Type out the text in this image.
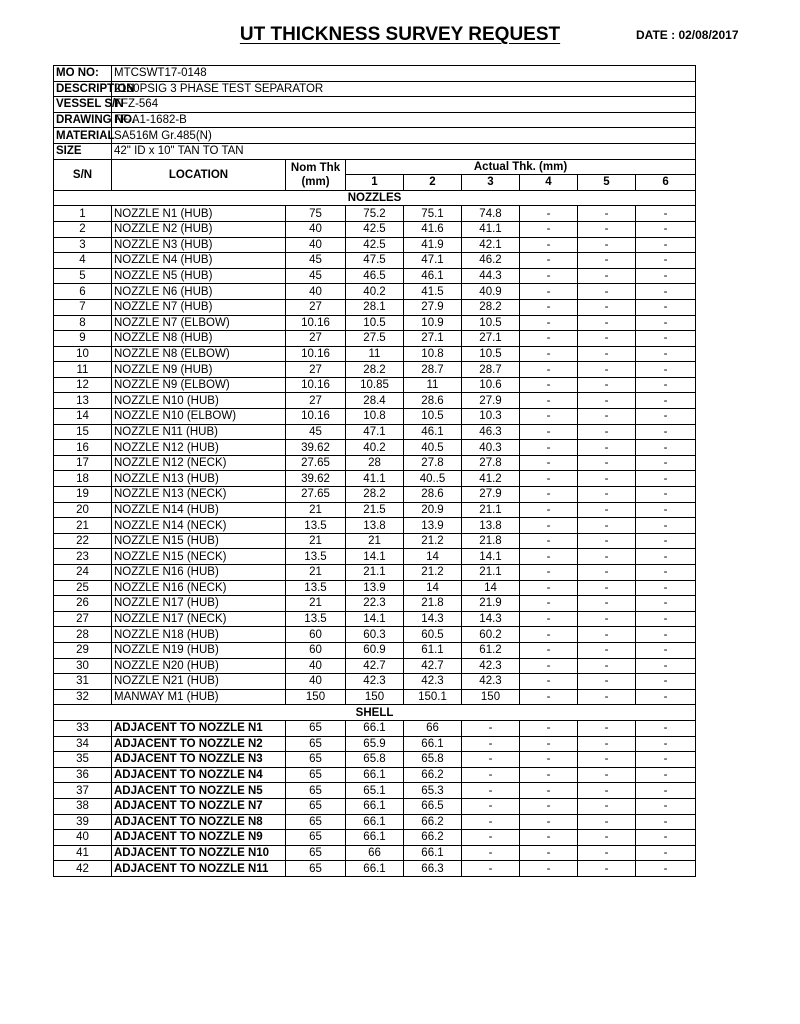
UT THICKNESS SURVEY REQUEST	DATE : 02/08/2017
MO NO:	MTCSWT17-0148							
DESCRIPTION	2160PSIG 3 PHASE TEST SEPARATOR							
VESSEL S/N	FFZ-564							
DRAWING NO.	FF-A1-1682-B							
MATERIAL	SA516M Gr.485(N)							
SIZE	42" ID x 10" TAN TO TAN							
S/N	LOCATION	Nom Thk
(mm)	Actual Thk. (mm)					
			1	2	3	4	5	6
NOZZLES								
1	NOZZLE N1 (HUB)	75	75.2	75.1	74.8	-	-	-
2	NOZZLE N2 (HUB)	40	42.5	41.6	41.1	-	-	-
3	NOZZLE N3 (HUB)	40	42.5	41.9	42.1	-	-	-
4	NOZZLE N4 (HUB)	45	47.5	47.1	46.2	-	-	-
5	NOZZLE N5 (HUB)	45	46.5	46.1	44.3	-	-	-
6	NOZZLE N6 (HUB)	40	40.2	41.5	40.9	-	-	-
7	NOZZLE N7 (HUB)	27	28.1	27.9	28.2	-	-	-
8	NOZZLE N7 (ELBOW)	10.16	10.5	10.9	10.5	-	-	-
9	NOZZLE N8 (HUB)	27	27.5	27.1	27.1	-	-	-
10	NOZZLE N8 (ELBOW)	10.16	11	10.8	10.5	-	-	-
11	NOZZLE N9 (HUB)	27	28.2	28.7	28.7	-	-	-
12	NOZZLE N9 (ELBOW)	10.16	10.85	11	10.6	-	-	-
13	NOZZLE N10 (HUB)	27	28.4	28.6	27.9	-	-	-
14	NOZZLE N10 (ELBOW)	10.16	10.8	10.5	10.3	-	-	-
15	NOZZLE N11 (HUB)	45	47.1	46.1	46.3	-	-	-
16	NOZZLE N12 (HUB)	39.62	40.2	40.5	40.3	-	-	-
17	NOZZLE N12 (NECK)	27.65	28	27.8	27.8	-	-	-
18	NOZZLE N13 (HUB)	39.62	41.1	40..5	41.2	-	-	-
19	NOZZLE N13 (NECK)	27.65	28.2	28.6	27.9	-	-	-
20	NOZZLE N14 (HUB)	21	21.5	20.9	21.1	-	-	-
21	NOZZLE N14 (NECK)	13.5	13.8	13.9	13.8	-	-	-
22	NOZZLE N15 (HUB)	21	21	21.2	21.8	-	-	-
23	NOZZLE N15 (NECK)	13.5	14.1	14	14.1	-	-	-
24	NOZZLE N16 (HUB)	21	21.1	21.2	21.1	-	-	-
25	NOZZLE N16 (NECK)	13.5	13.9	14	14	-	-	-
26	NOZZLE N17 (HUB)	21	22.3	21.8	21.9	-	-	-
27	NOZZLE N17 (NECK)	13.5	14.1	14.3	14.3	-	-	-
28	NOZZLE N18 (HUB)	60	60.3	60.5	60.2	-	-	-
29	NOZZLE N19 (HUB)	60	60.9	61.1	61.2	-	-	-
30	NOZZLE N20 (HUB)	40	42.7	42.7	42.3	-	-	-
31	NOZZLE N21 (HUB)	40	42.3	42.3	42.3	-	-	-
32	MANWAY M1 (HUB)	150	150	150.1	150	-	-	-
SHELL								
33	ADJACENT TO NOZZLE N1	65	66.1	66	-	-	-	-
34	ADJACENT TO NOZZLE N2	65	65.9	66.1	-	-	-	-
35	ADJACENT TO NOZZLE N3	65	65.8	65.8	-	-	-	-
36	ADJACENT TO NOZZLE N4	65	66.1	66.2	-	-	-	-
37	ADJACENT TO NOZZLE N5	65	65.1	65.3	-	-	-	-
38	ADJACENT TO NOZZLE N7	65	66.1	66.5	-	-	-	-
39	ADJACENT TO NOZZLE N8	65	66.1	66.2	-	-	-	-
40	ADJACENT TO NOZZLE N9	65	66.1	66.2	-	-	-	-
41	ADJACENT TO NOZZLE N10	65	66	66.1	-	-	-	-
42	ADJACENT TO NOZZLE N11	65	66.1	66.3	-	-	-	-
